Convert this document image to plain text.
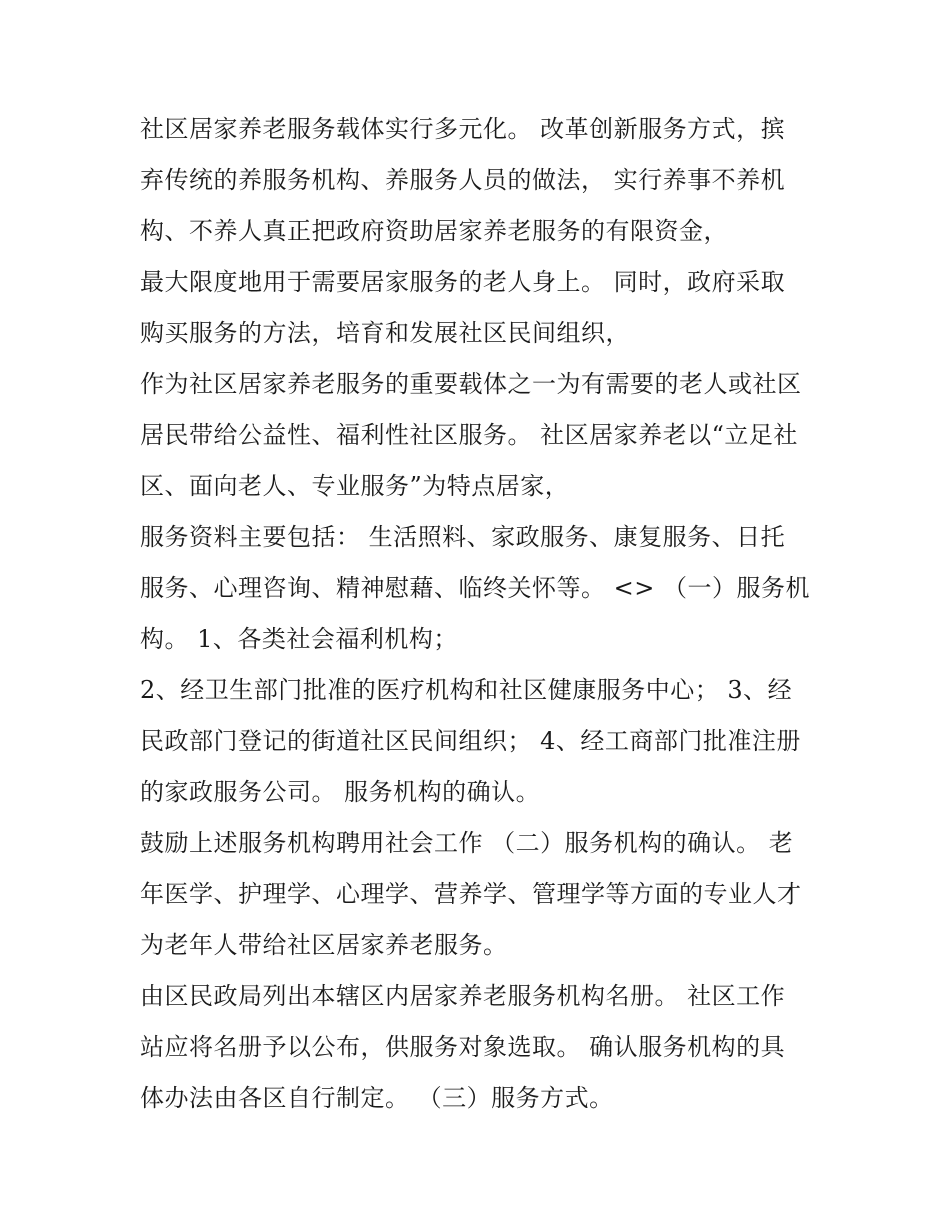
社区居家养老服务载体实行多元化。 改革创新服务方式，摈
弃传统的养服务机构、养服务人员的做法， 实行养事不养机
构、不养人真正把政府资助居家养老服务的有限资金，
最大限度地用于需要居家服务的老人身上。 同时，政府采取
购买服务的方法，培育和发展社区民间组织，
作为社区居家养老服务的重要载体之一为有需要的老人或社区
居民带给公益性、福利性社区服务。 社区居家养老以“立足社
区、面向老人、专业服务”为特点居家，
服务资料主要包括： 生活照料、家政服务、康复服务、日托
服务、心理咨询、精神慰藉、临终关怀等。 <> （一）服务机
构。 1、各类社会福利机构；
2、经卫生部门批准的医疗机构和社区健康服务中心； 3、经
民政部门登记的街道社区民间组织； 4、经工商部门批准注册
的家政服务公司。 服务机构的确认。
鼓励上述服务机构聘用社会工作 （二）服务机构的确认。 老
年医学、护理学、心理学、营养学、管理学等方面的专业人才
为老年人带给社区居家养老服务。
由区民政局列出本辖区内居家养老服务机构名册。 社区工作
站应将名册予以公布，供服务对象选取。 确认服务机构的具
体办法由各区自行制定。 （三）服务方式。
